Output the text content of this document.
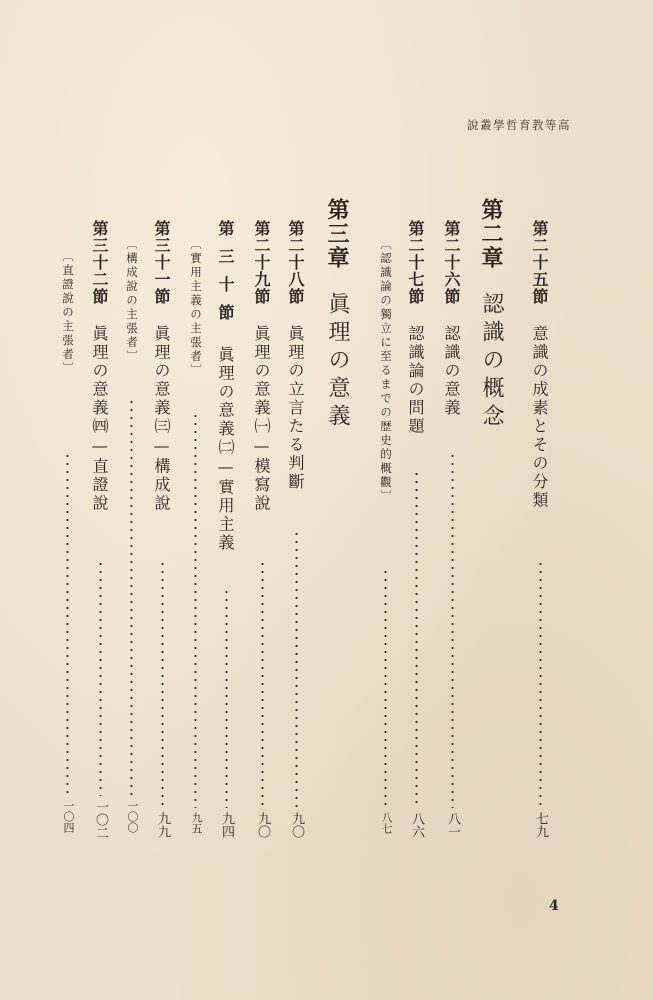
高等教育哲學叢說
第二十五節意識の成素とその分類
七九
第二章認識の概念
第二十六節認識の意義
八一
第二十七節認識論の問題
八六
〔認識論の獨立に至るまでの歴史的概觀〕
八七
第三章眞理の意義
第二十八節眞理の立言たる判斷
九〇
第二十九節眞理の意義㈠—模寫說
九〇
第三十節眞理の意義㈡—實用主義
九四
〔實用主義の主張者〕
九五
第三十一節眞理の意義㈢—構成說
九九
〔構成說の主張者〕
一〇〇
第三十二節眞理の意義㈣—直證說
一〇二
〔直證說の主張者〕
一〇四
4
